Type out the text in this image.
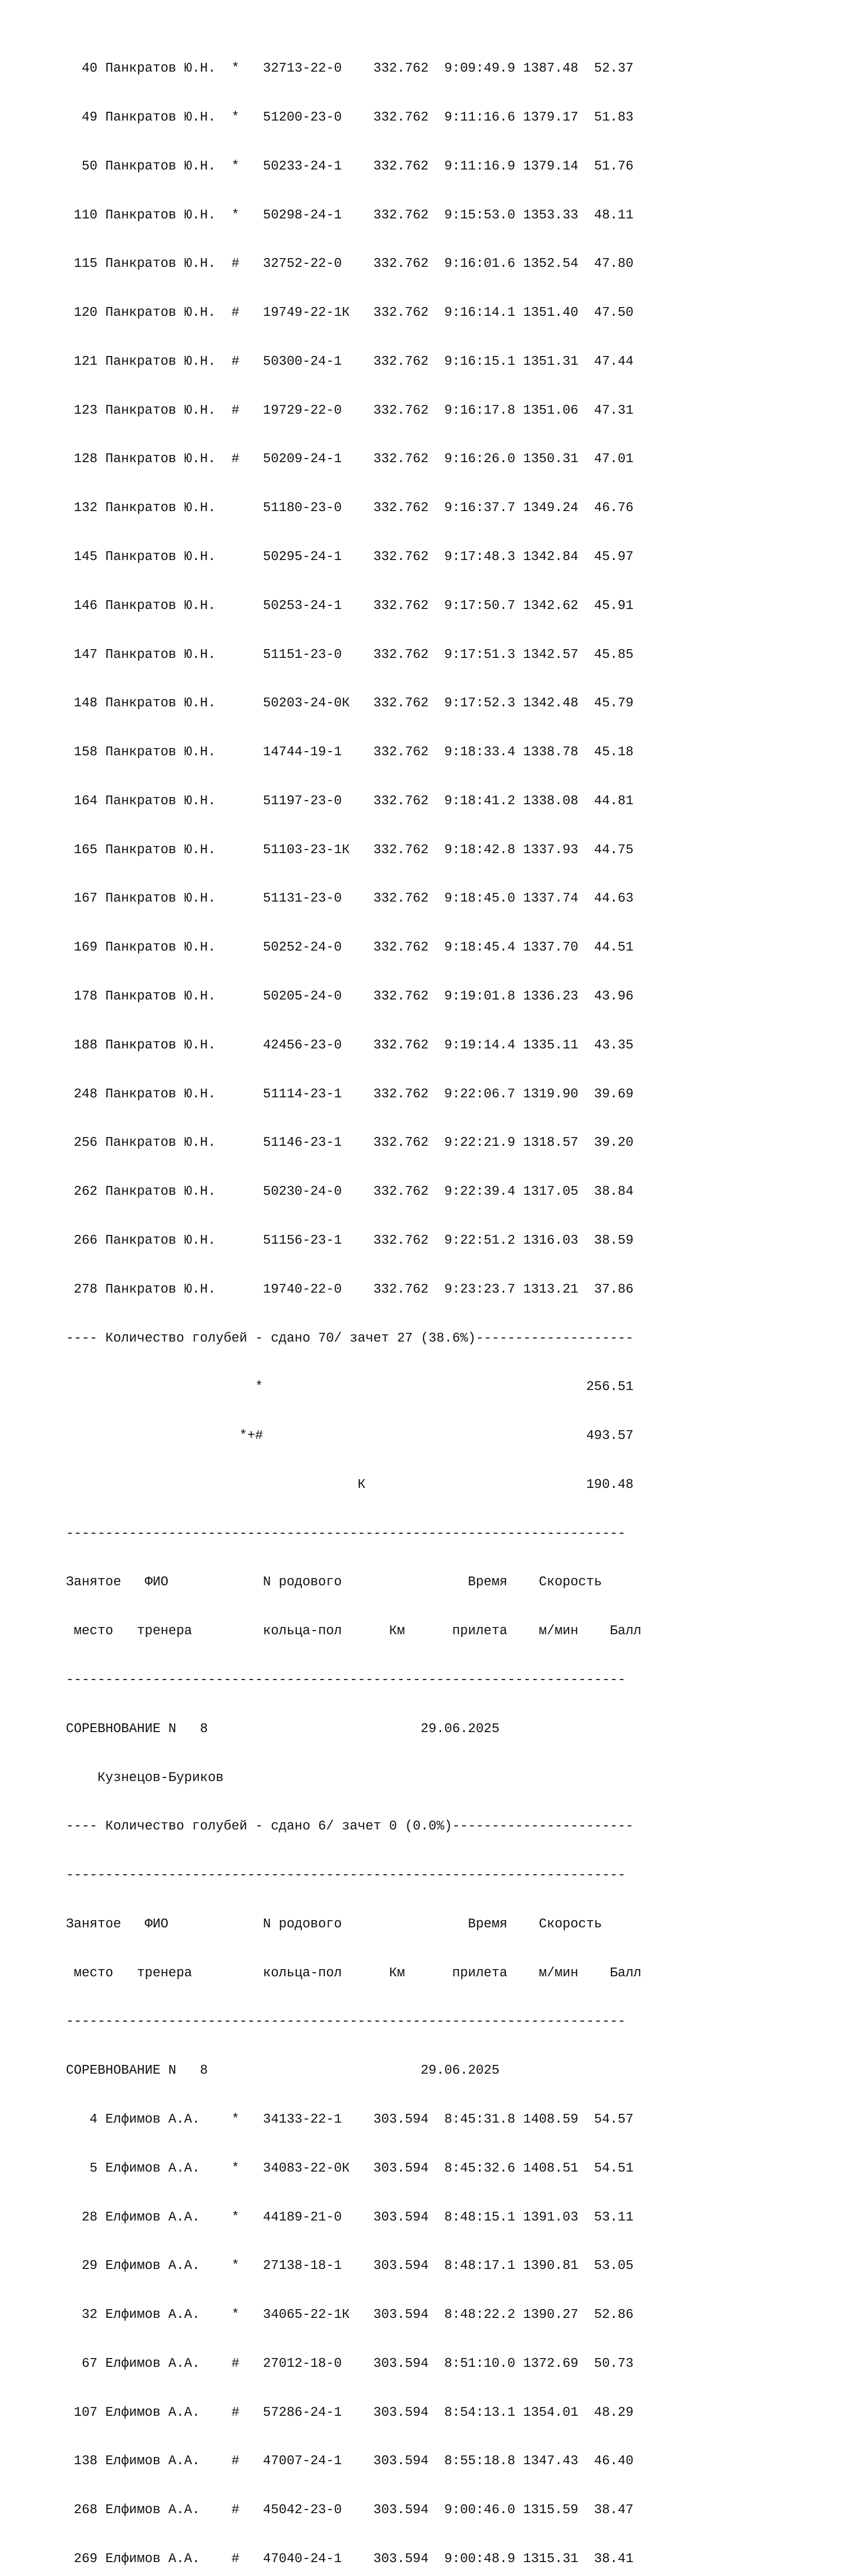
40 Панкратов Ю.Н.  *   32713-22-0    332.762  9:09:49.9 1387.48  52.37

49 Панкратов Ю.Н.  *   51200-23-0    332.762  9:11:16.6 1379.17  51.83

50 Панкратов Ю.Н.  *   50233-24-1    332.762  9:11:16.9 1379.14  51.76

110 Панкратов Ю.Н.  *   50298-24-1    332.762  9:15:53.0 1353.33  48.11

115 Панкратов Ю.Н.  #   32752-22-0    332.762  9:16:01.6 1352.54  47.80

120 Панкратов Ю.Н.  #   19749-22-1К   332.762  9:16:14.1 1351.40  47.50

121 Панкратов Ю.Н.  #   50300-24-1    332.762  9:16:15.1 1351.31  47.44

123 Панкратов Ю.Н.  #   19729-22-0    332.762  9:16:17.8 1351.06  47.31

128 Панкратов Ю.Н.  #   50209-24-1    332.762  9:16:26.0 1350.31  47.01

132 Панкратов Ю.Н.      51180-23-0    332.762  9:16:37.7 1349.24  46.76

145 Панкратов Ю.Н.      50295-24-1    332.762  9:17:48.3 1342.84  45.97

146 Панкратов Ю.Н.      50253-24-1    332.762  9:17:50.7 1342.62  45.91

147 Панкратов Ю.Н.      51151-23-0    332.762  9:17:51.3 1342.57  45.85

148 Панкратов Ю.Н.      50203-24-0К   332.762  9:17:52.3 1342.48  45.79

158 Панкратов Ю.Н.      14744-19-1    332.762  9:18:33.4 1338.78  45.18

164 Панкратов Ю.Н.      51197-23-0    332.762  9:18:41.2 1338.08  44.81

165 Панкратов Ю.Н.      51103-23-1К   332.762  9:18:42.8 1337.93  44.75

167 Панкратов Ю.Н.      51131-23-0    332.762  9:18:45.0 1337.74  44.63

169 Панкратов Ю.Н.      50252-24-0    332.762  9:18:45.4 1337.70  44.51

178 Панкратов Ю.Н.      50205-24-0    332.762  9:19:01.8 1336.23  43.96

188 Панкратов Ю.Н.      42456-23-0    332.762  9:19:14.4 1335.11  43.35

248 Панкратов Ю.Н.      51114-23-1    332.762  9:22:06.7 1319.90  39.69

256 Панкратов Ю.Н.      51146-23-1    332.762  9:22:21.9 1318.57  39.20

262 Панкратов Ю.Н.      50230-24-0    332.762  9:22:39.4 1317.05  38.84

266 Панкратов Ю.Н.      51156-23-1    332.762  9:22:51.2 1316.03  38.59

278 Панкратов Ю.Н.      19740-22-0    332.762  9:23:23.7 1313.21  37.86

---- Количество голубей - сдано 70/ зачет 27 (38.6%)--------------------

*                                         256.51

*+#                                         493.57

К                            190.48

-----------------------------------------------------------------------

Занятое   ФИО            N родового                Время    Скорость

место   тренера         кольца-пол      Км      прилета    м/мин    Балл

-----------------------------------------------------------------------

СОРЕВНОВАНИЕ N   8                           29.06.2025

Кузнецов-Буриков

---- Количество голубей - сдано 6/ зачет 0 (0.0%)-----------------------

-----------------------------------------------------------------------

Занятое   ФИО            N родового                Время    Скорость

место   тренера         кольца-пол      Км      прилета    м/мин    Балл

-----------------------------------------------------------------------

СОРЕВНОВАНИЕ N   8                           29.06.2025

4 Елфимов А.А.    *   34133-22-1    303.594  8:45:31.8 1408.59  54.57

5 Елфимов А.А.    *   34083-22-0К   303.594  8:45:32.6 1408.51  54.51

28 Елфимов А.А.    *   44189-21-0    303.594  8:48:15.1 1391.03  53.11

29 Елфимов А.А.    *   27138-18-1    303.594  8:48:17.1 1390.81  53.05

32 Елфимов А.А.    *   34065-22-1К   303.594  8:48:22.2 1390.27  52.86

67 Елфимов А.А.    #   27012-18-0    303.594  8:51:10.0 1372.69  50.73

107 Елфимов А.А.    #   57286-24-1    303.594  8:54:13.1 1354.01  48.29

138 Елфимов А.А.    #   47007-24-1    303.594  8:55:18.8 1347.43  46.40

268 Елфимов А.А.    #   45042-23-0    303.594  9:00:46.0 1315.59  38.47

269 Елфимов А.А.    #   47040-24-1    303.594  9:00:48.9 1315.31  38.41
